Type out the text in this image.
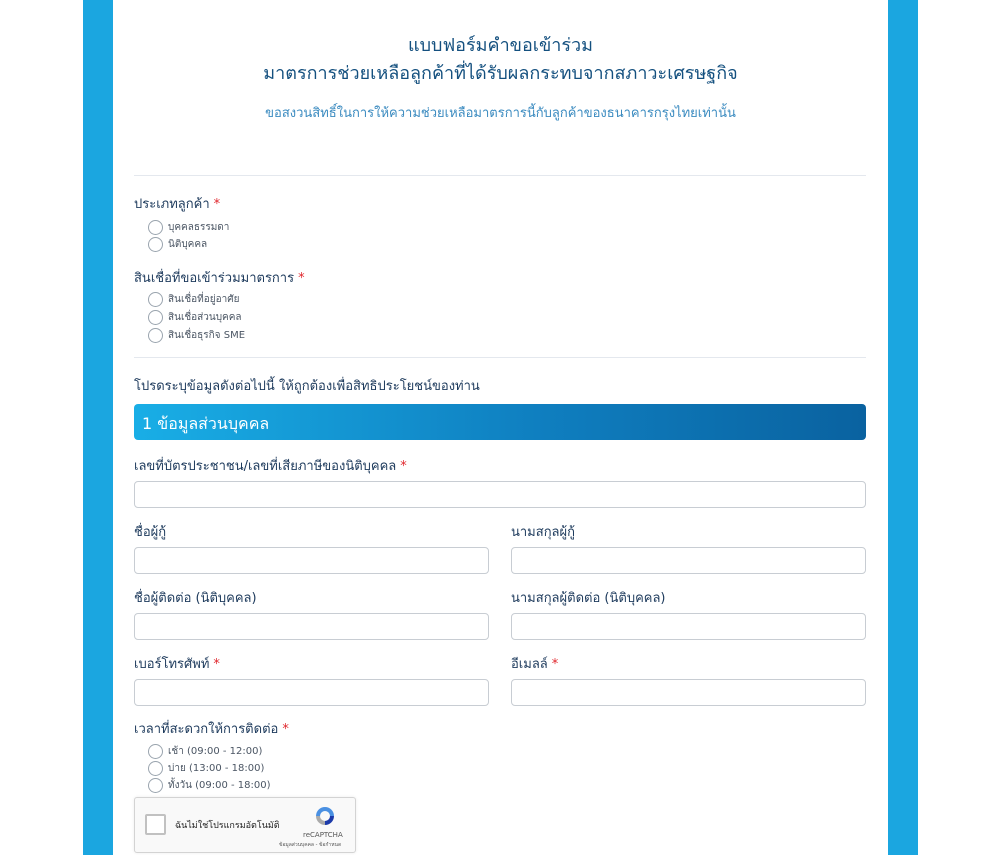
แบบฟอร์มคำขอเข้าร่วม
มาตรการช่วยเหลือลูกค้าที่ได้รับผลกระทบจากสภาวะเศรษฐกิจ
ขอสงวนสิทธิ์ในการให้ความช่วยเหลือมาตรการนี้กับลูกค้าของธนาคารกรุงไทยเท่านั้น
ประเภทลูกค้า *
บุคคลธรรมดา
นิติบุคคล
สินเชื่อที่ขอเข้าร่วมมาตรการ *
สินเชื่อที่อยู่อาศัย
สินเชื่อส่วนบุคคล
สินเชื่อธุรกิจ SME
โปรดระบุข้อมูลดังต่อไปนี้ ให้ถูกต้องเพื่อสิทธิประโยชน์ของท่าน
1 ข้อมูลส่วนบุคคล
เลขที่บัตรประชาชน/เลขที่เสียภาษีของนิติบุคคล *
ชื่อผู้กู้	นามสกุลผู้กู้
ชื่อผู้ติดต่อ (นิติบุคคล)	นามสกุลผู้ติดต่อ (นิติบุคคล)
เบอร์โทรศัพท์ *	อีเมลล์ *
เวลาที่สะดวกให้การติดต่อ *
เช้า (09:00 - 12:00)
บ่าย (13:00 - 18:00)
ทั้งวัน (09:00 - 18:00)
ฉันไม่ใช่โปรแกรมอัตโนมัติ
reCAPTCHA
ข้อมูลส่วนบุคคล - ข้อกำหนด
